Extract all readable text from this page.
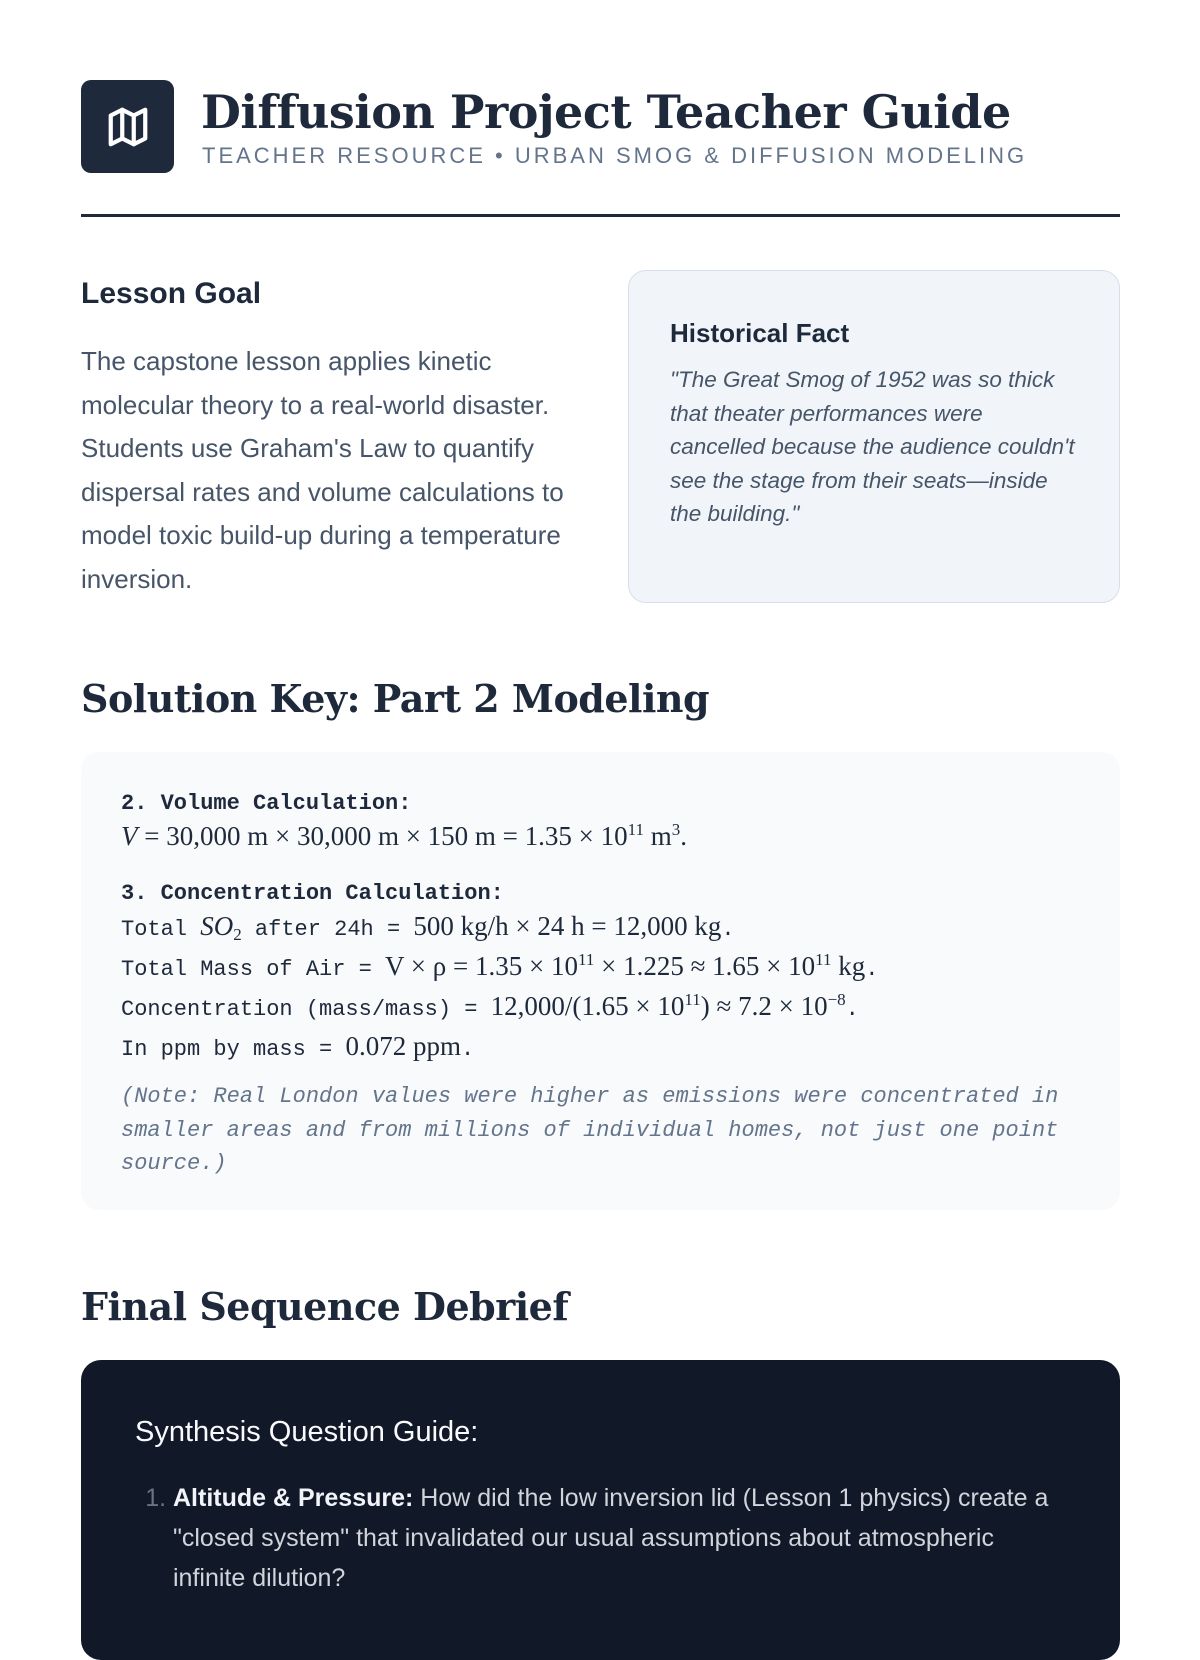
Diffusion Project Teacher Guide

TEACHER RESOURCE • URBAN SMOG & DIFFUSION MODELING

Lesson Goal

The capstone lesson applies kinetic molecular theory to a real-world disaster. Students use Graham's Law to quantify dispersal rates and volume calculations to model toxic build-up during a temperature inversion.

Historical Fact

"The Great Smog of 1952 was so thick that theater performances were cancelled because the audience couldn't see the stage from their seats—inside the building."

Solution Key: Part 2 Modeling
2. Volume Calculation:
V = 30,000 m × 30,000 m × 150 $m = 1.35 \times 10^{11}$ $m^3$.
3. Concentration Calculation:
Total $SO_2$ after 24h = 500 kg/h × 24 h = 12,000 kg.
Total Mass of Air = $V \times \rho = 1.35 \times 10^{11} \times 1.225 \approx 1.65 \times 10^{11}$ kg.
Concentration (mass/mass) = $12,000/(1.65 \times 10^{11}) \approx 7.2 \times 10^{-8}$.
In ppm by mass = 0.072 ppm.
(Note: Real London values were higher as emissions were concentrated in smaller areas and from millions of individual homes, not just one point source.)
Final Sequence Debrief
Synthesis Question Guide:
1. Altitude & Pressure: How did the low inversion lid (Lesson 1 physics) create a "closed system" that invalidated our usual assumptions about atmospheric infinite dilution?
